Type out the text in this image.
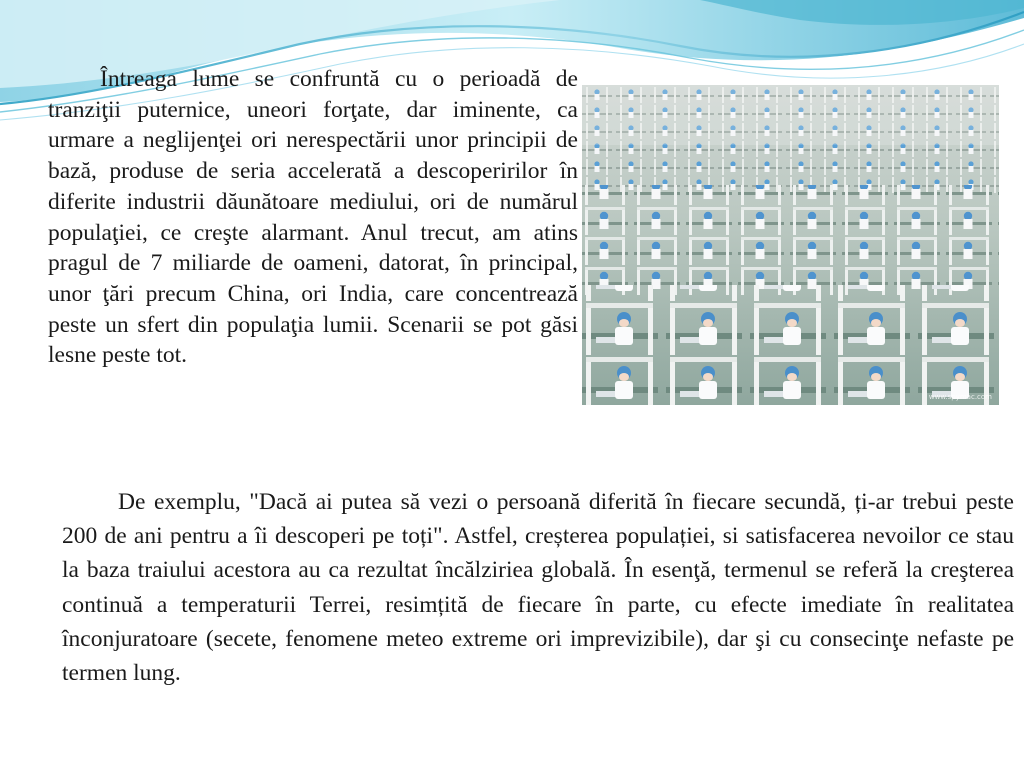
Întreaga lume se confruntă cu o perioadă de tranziţii puternice, uneori forţate, dar iminente, ca urmare a neglijenţei ori nerespectării unor principii de bază, produse de seria accelerată a descoperirilor în diferite industrii dăunătoare mediului, ori de numărul populaţiei, ce creşte alarmant. Anul trecut, am atins pragul de 7 miliarde de oameni, datorat, în principal, unor ţări precum China, ori India, care concentrează peste un sfert din populaţia lumii. Scenarii se pot găsi lesne peste tot.

www.spymac.com

De exemplu, "Dacă ai putea să vezi o persoană diferită în fiecare secundă, ți-ar trebui peste 200 de ani pentru a îi descoperi pe toți". Astfel, creșterea populației, si satisfacerea nevoilor ce stau la baza traiului acestora au ca rezultat încălziriea globală. În esenţă, termenul se referă la creşterea continuă a temperaturii Terrei, resimțită de fiecare în parte, cu efecte imediate în realitatea înconjuratoare (secete, fenomene meteo extreme ori imprevizibile), dar şi cu consecinţe nefaste pe termen lung.
